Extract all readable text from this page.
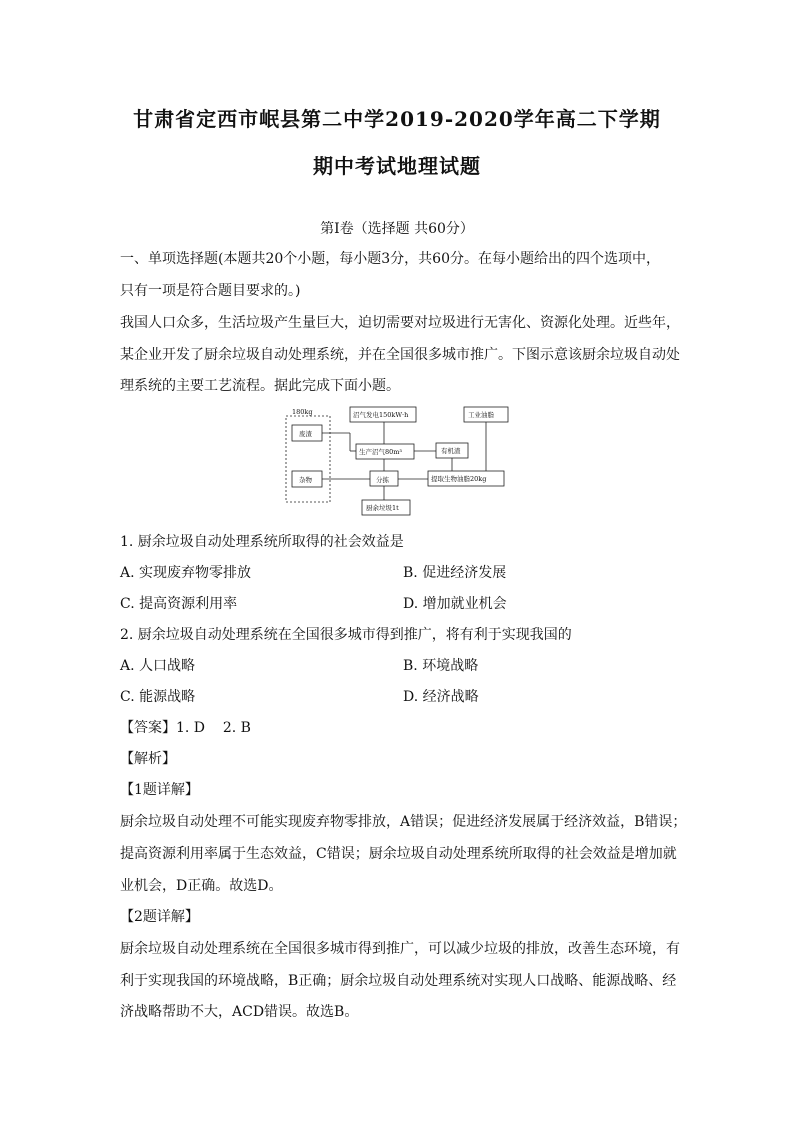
甘肃省定西市岷县第二中学2019-2020学年高二下学期
期中考试地理试题
第Ⅰ卷（选择题 共60分）
一、单项选择题(本题共20个小题，每小题3分，共60分。在每小题给出的四个选项中，
只有一项是符合题目要求的。)
我国人口众多，生活垃圾产生量巨大，迫切需要对垃圾进行无害化、资源化处理。近些年，
某企业开发了厨余垃圾自动处理系统，并在全国很多城市推广。下图示意该厨余垃圾自动处
理系统的主要工艺流程。据此完成下面小题。
180kg
废渣
杂物
沼气发电150kW·h
生产沼气80m³
分拣
有机渣
工业油脂
提取生物油脂20kg
厨余垃圾1t
1. 厨余垃圾自动处理系统所取得的社会效益是
A. 实现废弃物零排放	B. 促进经济发展
C. 提高资源利用率	D. 增加就业机会
2. 厨余垃圾自动处理系统在全国很多城市得到推广，将有利于实现我国的
A. 人口战略	B. 环境战略
C. 能源战略	D. 经济战略
【答案】1. D    2. B
【解析】
【1题详解】
厨余垃圾自动处理不可能实现废弃物零排放，A错误；促进经济发展属于经济效益，B错误；
提高资源利用率属于生态效益，C错误；厨余垃圾自动处理系统所取得的社会效益是增加就
业机会，D正确。故选D。
【2题详解】
厨余垃圾自动处理系统在全国很多城市得到推广，可以减少垃圾的排放，改善生态环境，有
利于实现我国的环境战略，B正确；厨余垃圾自动处理系统对实现人口战略、能源战略、经
济战略帮助不大，ACD错误。故选B。
